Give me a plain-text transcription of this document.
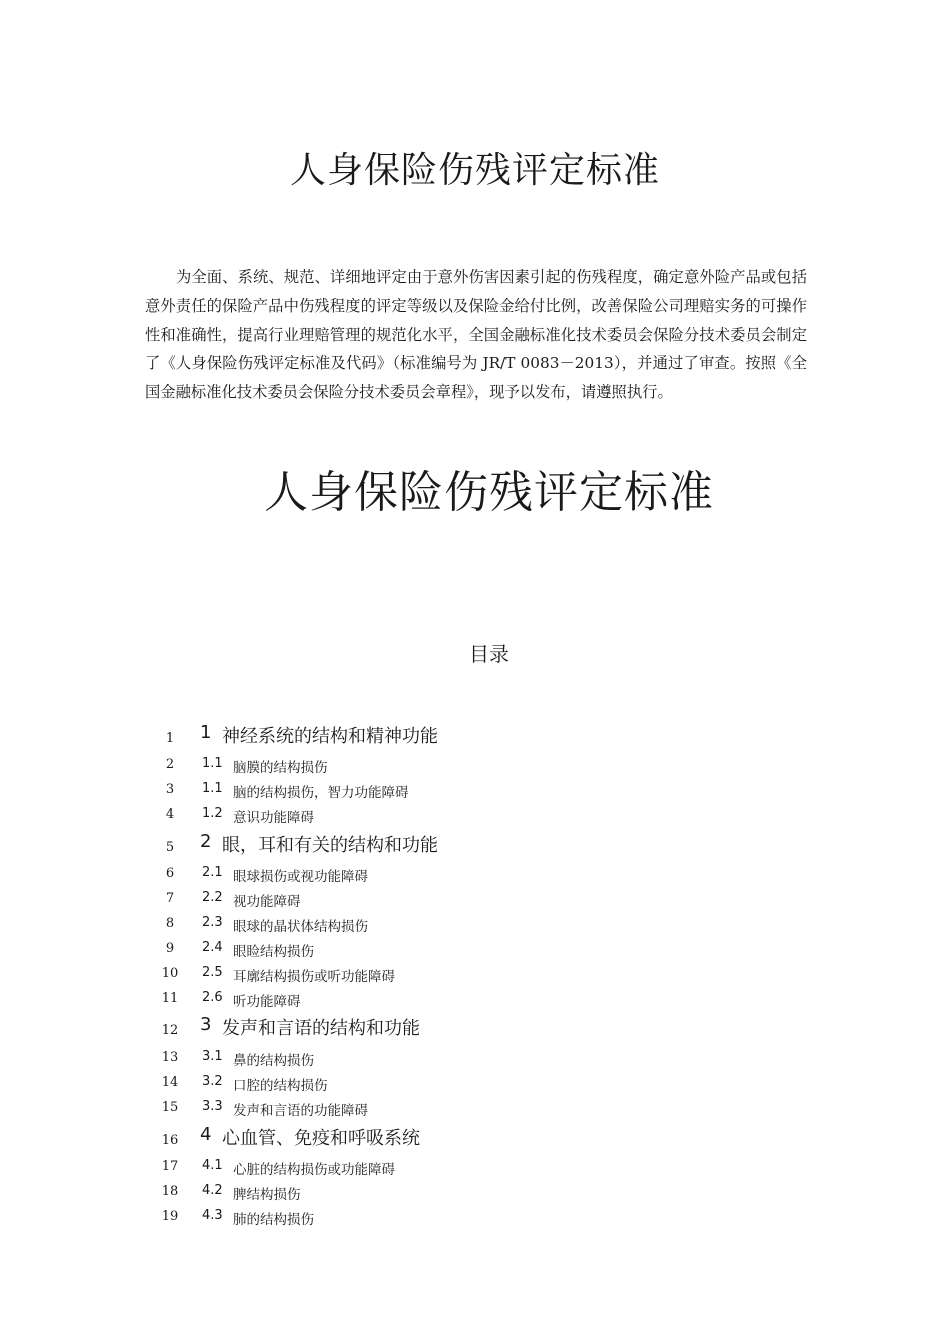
人身保险伤残评定标准
为全面、系统、规范、详细地评定由于意外伤害因素引起的伤残程度，确定意外险产品或包括意外责任的保险产品中伤残程度的评定等级以及保险金给付比例，改善保险公司理赔实务的可操作性和准确性，提高行业理赔管理的规范化水平，全国金融标准化技术委员会保险分技术委员会制定了《人身保险伤残评定标准及代码》（标准编号为 JR/T 0083－2013），并通过了审查。按照《全国金融标准化技术委员会保险分技术委员会章程》，现予以发布，请遵照执行。
人身保险伤残评定标准
目录
1	1 神经系统的结构和精神功能
2	1.1 脑膜的结构损伤
3	1.1 脑的结构损伤，智力功能障碍
4	1.2 意识功能障碍
5	2 眼，耳和有关的结构和功能
6	2.1 眼球损伤或视功能障碍
7	2.2 视功能障碍
8	2.3 眼球的晶状体结构损伤
9	2.4 眼睑结构损伤
10	2.5 耳廓结构损伤或听功能障碍
11	2.6 听功能障碍
12	3 发声和言语的结构和功能
13	3.1 鼻的结构损伤
14	3.2 口腔的结构损伤
15	3.3 发声和言语的功能障碍
16	4 心血管、免疫和呼吸系统
17	4.1 心脏的结构损伤或功能障碍
18	4.2 脾结构损伤
19	4.3 肺的结构损伤
